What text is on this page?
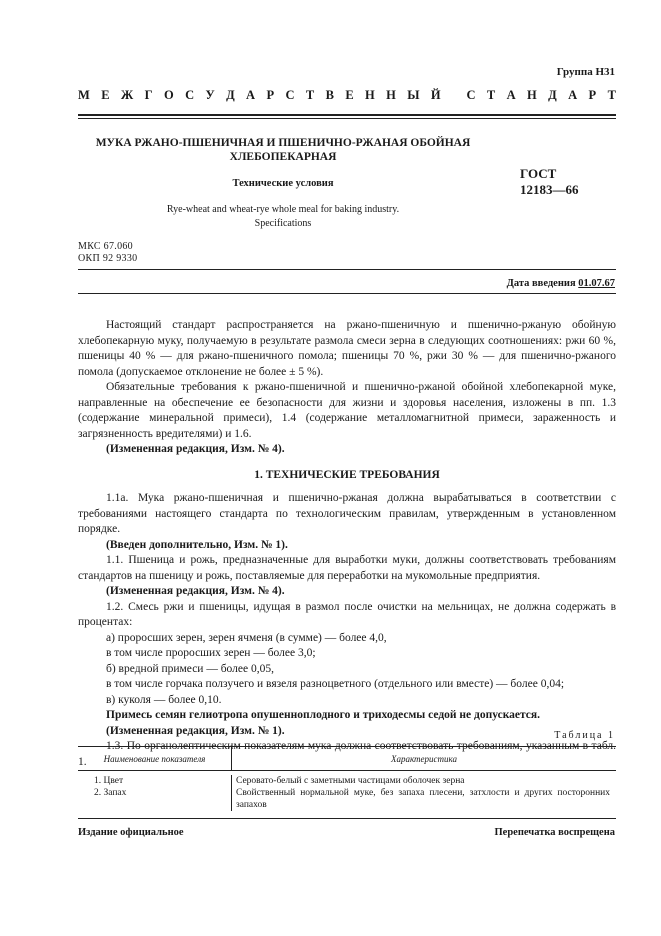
Группа Н31
М Е Ж Г О С У Д А Р С Т В Е Н Н Ы Й
С Т А Н Д А Р Т
МУКА РЖАНО-ПШЕНИЧНАЯ И ПШЕНИЧНО-РЖАНАЯ ОБОЙНАЯ
ХЛЕБОПЕКАРНАЯ
Технические условия
Rye-wheat and wheat-rye whole meal for baking industry.
Specifications
ГОСТ
12183—66
МКС 67.060
ОКП 92 9330
Дата введения 01.07.67

Настоящий стандарт распространяется на ржано-пшеничную и пшенично-ржаную обойную хлебопекарную муку, получаемую в результате размола смеси зерна в следующих соотношениях: ржи 60 %, пшеницы 40 % — для ржано-пшеничного помола; пшеницы 70 %, ржи 30 % — для пшенично-ржаного помола (допускаемое отклонение не более ± 5 %).

Обязательные требования к ржано-пшеничной и пшенично-ржаной обойной хлебопекарной муке, направленные на обеспечение ее безопасности для жизни и здоровья населения, изложены в пп. 1.3 (содержание минеральной примеси), 1.4 (содержание металломагнитной примеси, зараженность и загрязненность вредителями) и 1.6.

(Измененная редакция, Изм. № 4).

1. ТЕХНИЧЕСКИЕ ТРЕБОВАНИЯ

1.1а. Мука ржано-пшеничная и пшенично-ржаная должна вырабатываться в соответствии с требованиями настоящего стандарта по технологическим правилам, утвержденным в установленном порядке.

(Введен дополнительно, Изм. № 1).

1.1. Пшеница и рожь, предназначенные для выработки муки, должны соответствовать требованиям стандартов на пшеницу и рожь, поставляемые для переработки на мукомольные предприятия.

(Измененная редакция, Изм. № 4).

1.2. Смесь ржи и пшеницы, идущая в размол после очистки на мельницах, не должна содержать в процентах:

а) проросших зерен, зерен ячменя (в сумме) — более 4,0,

в том числе проросших зерен — более 3,0;

б) вредной примеси — более 0,05,

в том числе горчака ползучего и вязеля разноцветного (отдельного или вместе) — более 0,04;

в) куколя — более 0,10.

Примесь семян гелиотропа опушеннoплодного и триходесмы седой не допускается.

(Измененная редакция, Изм. № 1).

1.3. По органолептическим показателям мука должна соответствовать требованиям, указанным в табл. 1.

Таблица 1
Наименование показателя	Характеристика
1. Цвет	Серовато-белый с заметными частицами оболочек зерна
2. Запах	Свойственный нормальной муке, без запаха плесени, затхлости и других посторонних запахов
Издание официальное	Перепечатка воспрещена
